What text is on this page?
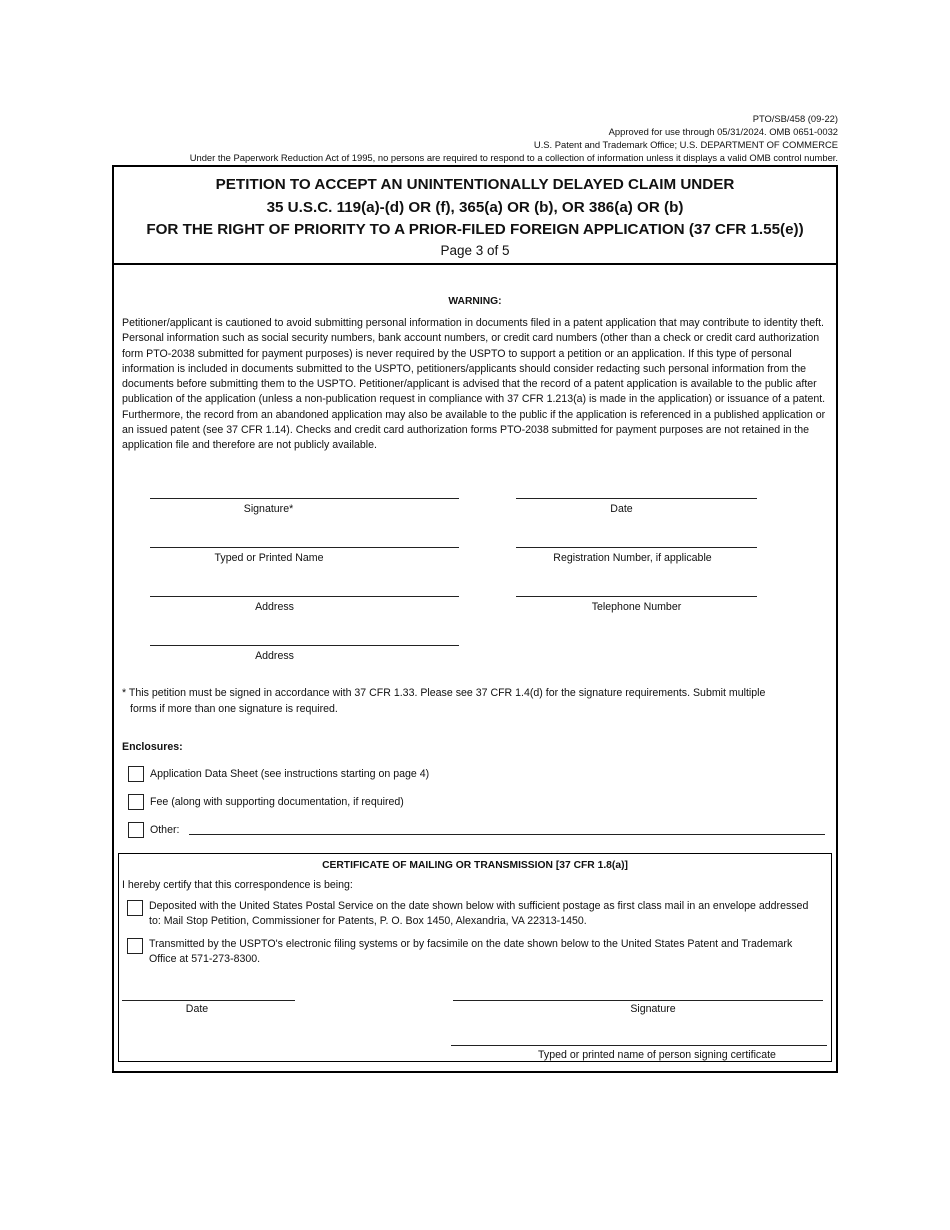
PTO/SB/458 (09-22)
Approved for use through 05/31/2024. OMB 0651-0032
U.S. Patent and Trademark Office; U.S. DEPARTMENT OF COMMERCE
Under the Paperwork Reduction Act of 1995, no persons are required to respond to a collection of information unless it displays a valid OMB control number.
PETITION TO ACCEPT AN UNINTENTIONALLY DELAYED CLAIM UNDER
35 U.S.C. 119(a)-(d) OR (f), 365(a) OR (b), OR 386(a) OR (b)
FOR THE RIGHT OF PRIORITY TO A PRIOR-FILED FOREIGN APPLICATION (37 CFR 1.55(e))
Page 3 of 5
WARNING:
Petitioner/applicant is cautioned to avoid submitting personal information in documents filed in a patent application that may contribute to identity theft. Personal information such as social security numbers, bank account numbers, or credit card numbers (other than a check or credit card authorization form PTO-2038 submitted for payment purposes) is never required by the USPTO to support a petition or an application. If this type of personal information is included in documents submitted to the USPTO, petitioners/applicants should consider redacting such personal information from the documents before submitting them to the USPTO. Petitioner/applicant is advised that the record of a patent application is available to the public after publication of the application (unless a non-publication request in compliance with 37 CFR 1.213(a) is made in the application) or issuance of a patent. Furthermore, the record from an abandoned application may also be available to the public if the application is referenced in a published application or an issued patent (see 37 CFR 1.14). Checks and credit card authorization forms PTO-2038 submitted for payment purposes are not retained in the application file and therefore are not publicly available.
Signature*	Date
Typed or Printed Name	Registration Number, if applicable
Address	Telephone Number
Address
* This petition must be signed in accordance with 37 CFR 1.33. Please see 37 CFR 1.4(d) for the signature requirements. Submit multiple
forms if more than one signature is required.
Enclosures:
Application Data Sheet (see instructions starting on page 4)
Fee (along with supporting documentation, if required)
Other:
CERTIFICATE OF MAILING OR TRANSMISSION [37 CFR 1.8(a)]
I hereby certify that this correspondence is being:
Deposited with the United States Postal Service on the date shown below with sufficient postage as first class mail in an envelope addressed to: Mail Stop Petition, Commissioner for Patents, P. O. Box 1450, Alexandria, VA 22313-1450.
Transmitted by the USPTO's electronic filing systems or by facsimile on the date shown below to the United States Patent and Trademark Office at 571-273-8300.
Date	Signature
Typed or printed name of person signing certificate
